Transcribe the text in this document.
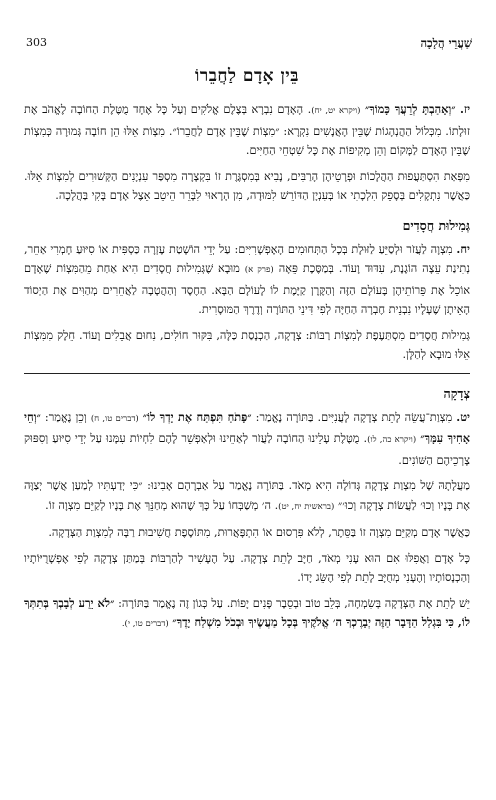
303	שַׁעֲרֵי הֲלָכָה
בֵּין אָדָם לַחֲבֵרוֹ

יז. ״וְאָהַבְתָּ לְרֵעֲךָ כָּמוֹךָ״ (ויקרא יט, יח). הָאָדָם נִבְרָא בְּצֶלֶם אֱלֹקִים וְעַל כָּל אֶחָד מֻטֶּלֶת הַחוֹבָה לֶאֱהֹב אֶת זוּלָתוֹ. מִכְּלוֹל הַהֲנְהָגוֹת שֶׁבֵּין הָאֲנָשִׁים נִקְרָא: ״מִצְוֹת שֶׁבֵּין אָדָם לַחֲבֵרוֹ״. מִצְוֹת אֵלּוּ הֵן חוֹבָה גְּמוּרָה כְּמִצְוֹת שֶׁבֵּין הָאָדָם לַמָּקוֹם וְהֵן מְקִיפוֹת אֶת כָּל שִׁטְחֵי הַחַיִּים.

מִפְּאַת הִסְתַּעֲפוּת הַהֲלָכוֹת וּפְרָטֵיהֶן הָרַבִּים, נָבִיא בְּמִסְגֶּרֶת זוֹ בִּקְצָרָה מִסְפַּר עִנְיָנִים הַקְּשׁוּרִים לְמִצְוֹת אֵלּוּ. כַּאֲשֶׁר נִתְקָלִים בְּסָפֵק הִלְכָתִי אוֹ בְּעִנְיָן הַדּוֹרֵשׁ לִמּוּדָה, מִן הָרָאוּי לִבָּרֵר הֵיטֵב אֵצֶל אָדָם בָּקִי בַּהֲלָכָה.

גְּמִילוּת חֲסָדִים

יח. מִצְוָה לַעֲזֹר וּלְסַיֵּעַ לַזּוּלָת בְּכָל הַתְּחוּמִים הָאֶפְשָׁרִיִּים: עַל יְדֵי הוֹשָׁטַת עֶזְרָה כַּסְפִּית אוֹ סִיּוּעַ חָמְרִי אַחֵר, נְתִינַת עֵצָה הוֹגֶנֶת, עִדּוּד וָעוֹד. בְּמַסֶּכֶת פֵּאָה (פרק א) מוּבָא שֶׁגְּמִילוּת חֲסָדִים הִיא אַחַת מֵהַמִּצְוֹת שֶׁאָדָם אוֹכֵל אֶת פֵּרוֹתֵיהֶן בָּעוֹלָם הַזֶּה וְהַקֶּרֶן קַיֶּמֶת לוֹ לָעוֹלָם הַבָּא. הַחֶסֶד וְהַהֲטָבָה לַאֲחֵרִים מְהַוִּים אֶת הַיְסוֹד הָאֵיתָן שֶׁעָלָיו נִבְנֵית חֶבְרָה הַחַיָּה לְפִי דִּינֵי הַתּוֹרָה וְדֶרֶךְ הַמּוּסָרִית.

גְּמִילוּת חֲסָדִים מִסְתַּעֶפֶת לְמִצְוֹת רַבּוֹת: צְדָקָה, הַכְנָסַת כַּלָּה, בִּקּוּר חוֹלִים, נִחוּם אֲבֵלִים וָעוֹד. חֵלֶק מִמִּצְוֹת אֵלּוּ מוּבָא לְהַלָּן.

צְדָקָה

יט. מִצְוַת־עֲשֵׂה לָתֵת צְדָקָה לָעֲנִיִּים. בַּתּוֹרָה נֶאֱמַר: ״פָּתֹחַ תִּפְתַּח אֶת יָדְךָ לוֹ״ (דברים טו, ח) וְכֵן נֶאֱמַר: ״וְחֵי אָחִיךָ עִמָּךְ״ (ויקרא כה, לו). מֻטֶּלֶת עָלֵינוּ הַחוֹבָה לַעֲזֹר לְאַחֵינוּ וּלְאַפְשֵׁר לָהֶם לִחְיוֹת עִמָּנוּ עַל יְדֵי סִיּוּעַ וְסִפּוּק צָרְכֵיהֶם הַשּׁוֹנִים.

מַעֲלָתָהּ שֶׁל מִצְוַת צְדָקָה גְּדוֹלָה הִיא מְאֹד. בַּתּוֹרָה נֶאֱמַר עַל אַבְרָהָם אָבִינוּ: ״כִּי יְדַעְתִּיו לְמַעַן אֲשֶׁר יְצַוֶּה אֶת בָּנָיו וְכוּ׳ לַעֲשׂוֹת צְדָקָה וְכוּ׳״ (בראשית יח, יט). ה׳ מְשַׁבְּחוֹ עַל כָּךְ שֶׁהוּא מְחַנֵּךְ אֶת בָּנָיו לְקַיֵּם מִצְוָה זוֹ.

כַּאֲשֶׁר אָדָם מְקַיֵּם מִצְוָה זוֹ בַּסֵּתֶר, לְלֹא פִּרְסוּם אוֹ הִתְפָּאֲרוּת, מִתּוֹסֶפֶת חֲשִׁיבוּת רַבָּה לְמִצְוַת הַצְּדָקָה.

כָּל אָדָם וַאֲפִלּוּ אִם הוּא עָנִי מְאֹד, חַיָּב לָתֵת צְדָקָה. עַל הֶעָשִׁיר לְהַרְבּוֹת בְּמַתַּן צְדָקָה לְפִי אֶפְשָׁרֻיּוֹתָיו וְהַכְנָסוֹתָיו וְהֶעָנִי מְחֻיָּב לָתֵת לְפִי הֶשֵּׂג יָדוֹ.

יֵשׁ לָתֵת אֶת הַצְּדָקָה בְּשִׂמְחָה, בְּלֵב טוֹב וּבְסֵבֶר פָּנִים יָפוֹת. עַל כְּגוֹן זֶה נֶאֱמַר בַּתּוֹרָה: ״לֹא יֵרַע לְבָבְךָ בְּתִתְּךָ לוֹ, כִּי בִּגְלַל הַדָּבָר הַזֶּה יְבָרֶכְךָ ה׳ אֱלֹקֶיךָ בְּכָל מַעֲשֶׂיךָ וּבְכֹל מִשְׁלַח יָדֶךָ״ (דברים טו, י).
